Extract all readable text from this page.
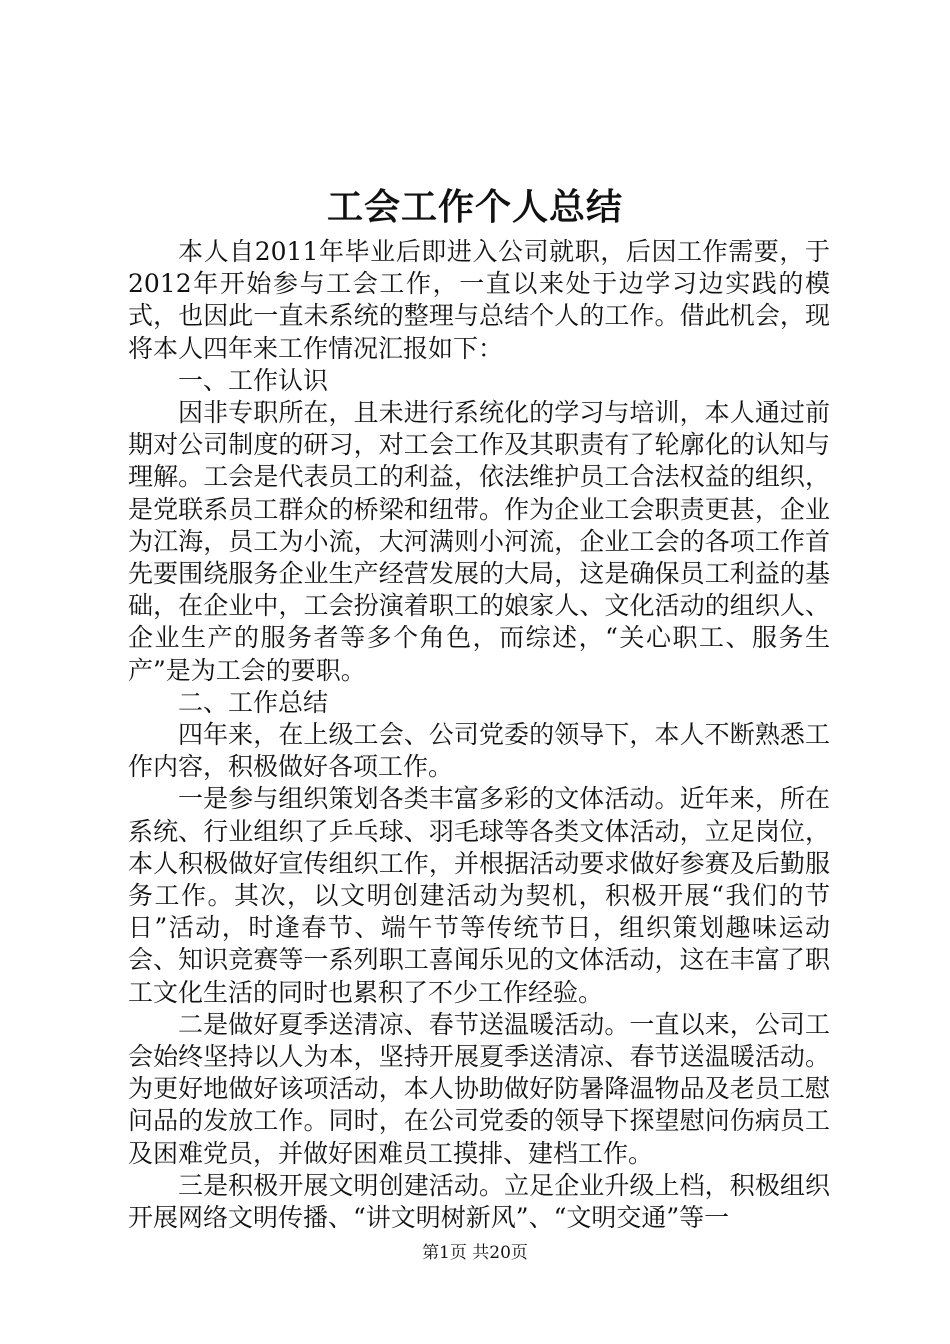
工会工作个人总结

本人自2011年毕业后即进入公司就职，后因工作需要，于2012年开始参与工会工作，一直以来处于边学习边实践的模式，也因此一直未系统的整理与总结个人的工作。借此机会，现将本人四年来工作情况汇报如下：

一、工作认识

因非专职所在，且未进行系统化的学习与培训，本人通过前期对公司制度的研习，对工会工作及其职责有了轮廓化的认知与理解。工会是代表员工的利益，依法维护员工合法权益的组织，是党联系员工群众的桥梁和纽带。作为企业工会职责更甚，企业为江海，员工为小流，大河满则小河流，企业工会的各项工作首先要围绕服务企业生产经营发展的大局，这是确保员工利益的基础，在企业中，工会扮演着职工的娘家人、文化活动的组织人、企业生产的服务者等多个角色，而综述，“关心职工、服务生产”是为工会的要职。

二、工作总结

四年来，在上级工会、公司党委的领导下，本人不断熟悉工作内容，积极做好各项工作。

一是参与组织策划各类丰富多彩的文体活动。近年来，所在系统、行业组织了乒乓球、羽毛球等各类文体活动，立足岗位，本人积极做好宣传组织工作，并根据活动要求做好参赛及后勤服务工作。其次，以文明创建活动为契机，积极开展“我们的节日”活动，时逢春节、端午节等传统节日，组织策划趣味运动会、知识竞赛等一系列职工喜闻乐见的文体活动，这在丰富了职工文化生活的同时也累积了不少工作经验。

二是做好夏季送清凉、春节送温暖活动。一直以来，公司工会始终坚持以人为本，坚持开展夏季送清凉、春节送温暖活动。为更好地做好该项活动，本人协助做好防暑降温物品及老员工慰问品的发放工作。同时，在公司党委的领导下探望慰问伤病员工及困难党员，并做好困难员工摸排、建档工作。

三是积极开展文明创建活动。立足企业升级上档，积极组织开展网络文明传播、“讲文明树新风”、“文明交通”等一

第1页 共20页
